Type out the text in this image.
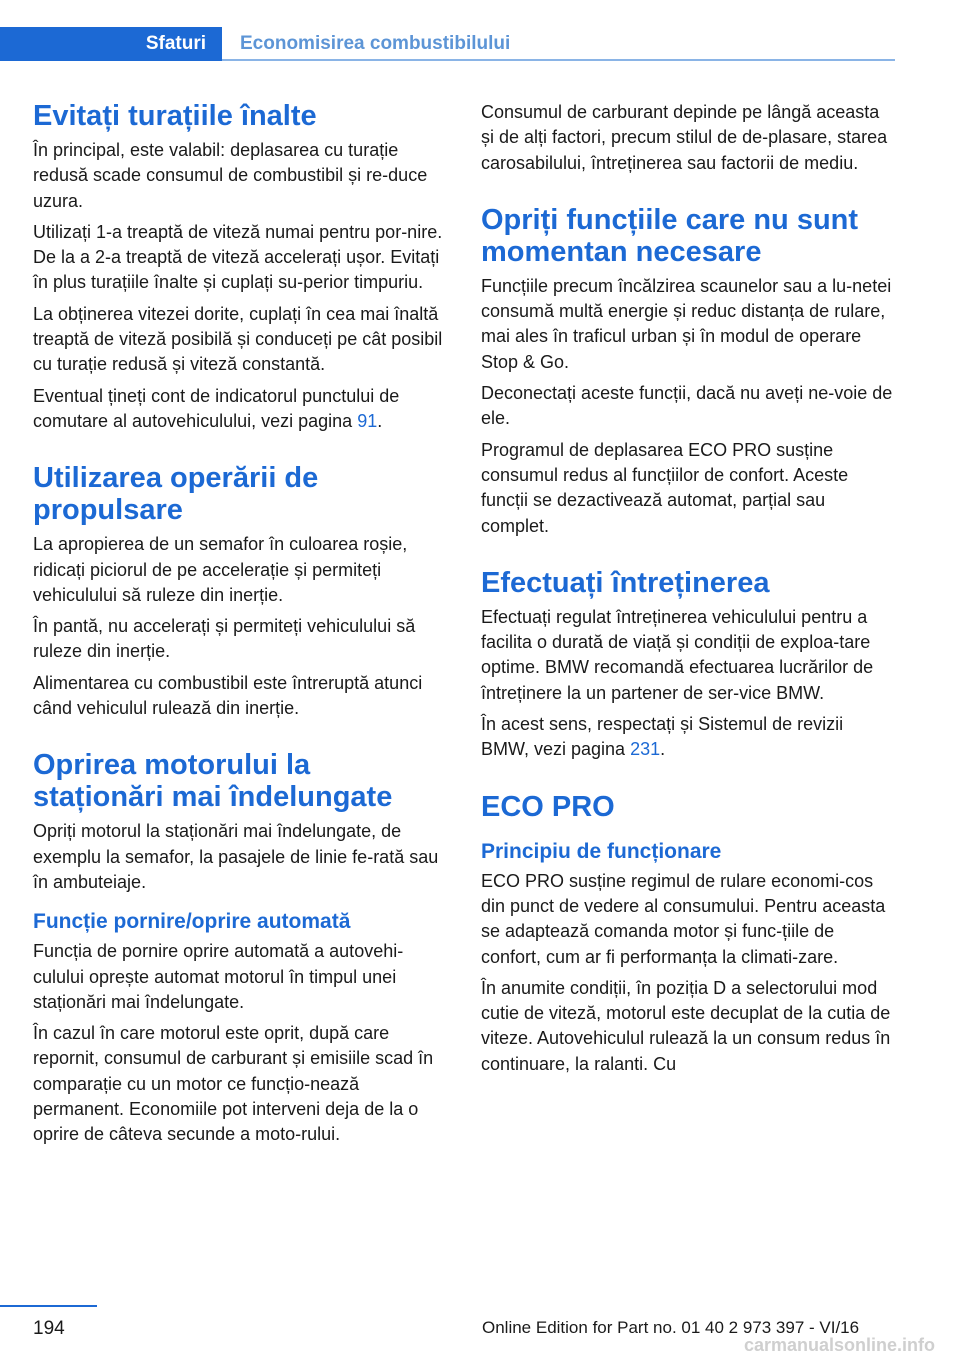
Sfaturi	Economisirea combustibilului
Evitați turațiile înalte

În principal, este valabil: deplasarea cu turație redusă scade consumul de combustibil și re‐duce uzura.

Utilizați 1-a treaptă de viteză numai pentru por‐nire. De la a 2-a treaptă de viteză accelerați ușor. Evitați în plus turațiile înalte și cuplați su‐perior timpuriu.

La obținerea vitezei dorite, cuplați în cea mai înaltă treaptă de viteză posibilă și conduceți pe cât posibil cu turație redusă și viteză constantă.

Eventual țineți cont de indicatorul punctului de comutare al autovehiculului, vezi pagina 91.

Utilizarea operării de propulsare

La apropierea de un semafor în culoarea roșie, ridicați piciorul de pe accelerație și permiteți vehiculului să ruleze din inerție.

În pantă, nu accelerați și permiteți vehiculului să ruleze din inerție.

Alimentarea cu combustibil este întreruptă atunci când vehiculul rulează din inerție.

Oprirea motorului la staționări mai îndelungate

Opriți motorul la staționări mai îndelungate, de exemplu la semafor, la pasajele de linie fe‐rată sau în ambuteiaje.

Funcție pornire/oprire automată

Funcția de pornire oprire automată a autovehi‐culului oprește automat motorul în timpul unei staționări mai îndelungate.

În cazul în care motorul este oprit, după care repornit, consumul de carburant și emisiile scad în comparație cu un motor ce funcțio‐nează permanent. Economiile pot interveni deja de la o oprire de câteva secunde a moto‐rului.

Consumul de carburant depinde pe lângă aceasta și de alți factori, precum stilul de de‐plasare, starea carosabilului, întreținerea sau factorii de mediu.

Opriți funcțiile care nu sunt momentan necesare

Funcțiile precum încălzirea scaunelor sau a lu‐netei consumă multă energie și reduc distanța de rulare, mai ales în traficul urban și în modul de operare Stop & Go.

Deconectați aceste funcții, dacă nu aveți ne‐voie de ele.

Programul de deplasarea ECO PRO susține consumul redus al funcțiilor de confort. Aceste funcții se dezactivează automat, parțial sau complet.

Efectuați întreținerea

Efectuați regulat întreținerea vehiculului pentru a facilita o durată de viață și condiții de exploa‐tare optime. BMW recomandă efectuarea lucrărilor de întreținere la un partener de ser‐vice BMW.

În acest sens, respectați și Sistemul de revizii BMW, vezi pagina 231.

ECO PRO
Principiu de funcționare

ECO PRO susține regimul de rulare economi‐cos din punct de vedere al consumului. Pentru aceasta se adaptează comanda motor și func‐țiile de confort, cum ar fi performanța la climati‐zare.

În anumite condiții, în poziția D a selectorului mod cutie de viteză, motorul este decuplat de la cutia de viteze. Autovehiculul rulează la un consum redus în continuare, la ralanti. Cu

194	Online Edition for Part no. 01 40 2 973 397 - VI/16
carmanualsonline.info
